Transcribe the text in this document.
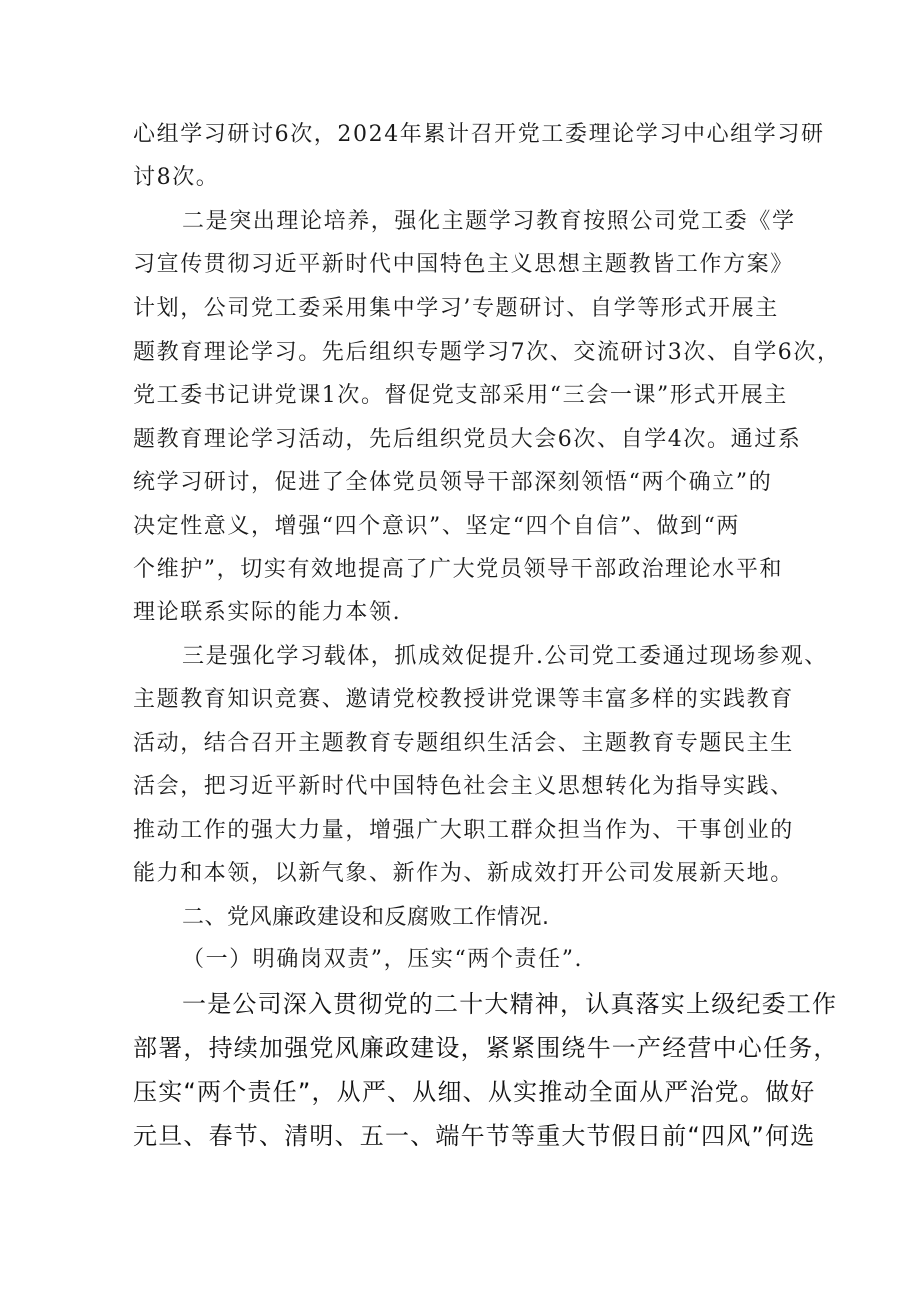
心组学习研讨6次，2024年累计召开党工委理论学习中心组学习研
讨8次。
二是突出理论培养，强化主题学习教育按照公司党工委《学
习宣传贯彻习近平新时代中国特色主义思想主题教皆工作方案》
计划，公司党工委采用集中学习’专题研讨、自学等形式开展主
题教育理论学习。先后组织专题学习7次、交流研讨3次、自学6次，
党工委书记讲党课1次。督促党支部采用“三会一课”形式开展主
题教育理论学习活动，先后组织党员大会6次、自学4次。通过系
统学习研讨，促进了全体党员领导干部深刻领悟“两个确立”的
决定性意义，增强“四个意识”、坚定“四个自信”、做到“两
个维护”，切实有效地提高了广大党员领导干部政治理论水平和
理论联系实际的能力本领.
三是强化学习载体，抓成效促提升.公司党工委通过现场参观、
主题教育知识竞赛、邀请党校教授讲党课等丰富多样的实践教育
活动，结合召开主题教育专题组织生活会、主题教育专题民主生
活会，把习近平新时代中国特色社会主义思想转化为指导实践、
推动工作的强大力量，增强广大职工群众担当作为、干事创业的
能力和本领，以新气象、新作为、新成效打开公司发展新天地。
二、党风廉政建设和反腐败工作情况.
（一）明确岗双责”，压实“两个责任”.
一是公司深入贯彻党的二十大精神，认真落实上级纪委工作
部署，持续加强党风廉政建设，紧紧围绕牛一产经营中心任务，
压实“两个责任”，从严、从细、从实推动全面从严治党。做好
元旦、春节、清明、五一、端午节等重大节假日前“四风”何选
